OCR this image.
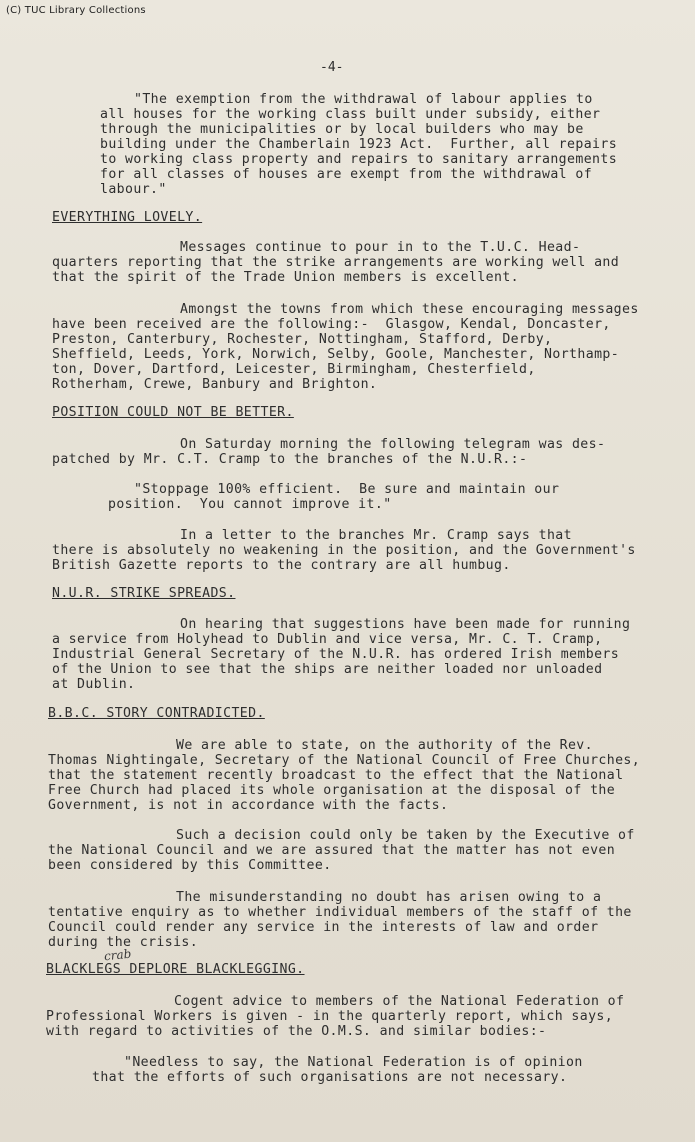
(C) TUC Library Collections
-4-
"The exemption from the withdrawal of labour applies to
all houses for the working class built under subsidy, either
through the municipalities or by local builders who may be
building under the Chamberlain 1923 Act.  Further, all repairs
to working class property and repairs to sanitary arrangements
for all classes of houses are exempt from the withdrawal of
labour."
EVERYTHING LOVELY.
Messages continue to pour in to the T.U.C. Head-
quarters reporting that the strike arrangements are working well and
that the spirit of the Trade Union members is excellent.
Amongst the towns from which these encouraging messages
have been received are the following:-  Glasgow, Kendal, Doncaster,
Preston, Canterbury, Rochester, Nottingham, Stafford, Derby,
Sheffield, Leeds, York, Norwich, Selby, Goole, Manchester, Northamp-
ton, Dover, Dartford, Leicester, Birmingham, Chesterfield,
Rotherham, Crewe, Banbury and Brighton.
POSITION COULD NOT BE BETTER.
On Saturday morning the following telegram was des-
patched by Mr. C.T. Cramp to the branches of the N.U.R.:-
"Stoppage 100% efficient.  Be sure and maintain our
position.  You cannot improve it."
In a letter to the branches Mr. Cramp says that
there is absolutely no weakening in the position, and the Government's
British Gazette reports to the contrary are all humbug.
N.U.R. STRIKE SPREADS.
On hearing that suggestions have been made for running
a service from Holyhead to Dublin and vice versa, Mr. C. T. Cramp,
Industrial General Secretary of the N.U.R. has ordered Irish members
of the Union to see that the ships are neither loaded nor unloaded
at Dublin.
B.B.C. STORY CONTRADICTED.
We are able to state, on the authority of the Rev.
Thomas Nightingale, Secretary of the National Council of Free Churches,
that the statement recently broadcast to the effect that the National
Free Church had placed its whole organisation at the disposal of the
Government, is not in accordance with the facts.
Such a decision could only be taken by the Executive of
the National Council and we are assured that the matter has not even
been considered by this Committee.
The misunderstanding no doubt has arisen owing to a
tentative enquiry as to whether individual members of the staff of the
Council could render any service in the interests of law and order
during the crisis.
crab
BLACKLEGS DEPLORE BLACKLEGGING.
Cogent advice to members of the National Federation of
Professional Workers is given - in the quarterly report, which says,
with regard to activities of the O.M.S. and similar bodies:-
"Needless to say, the National Federation is of opinion
that the efforts of such organisations are not necessary.
